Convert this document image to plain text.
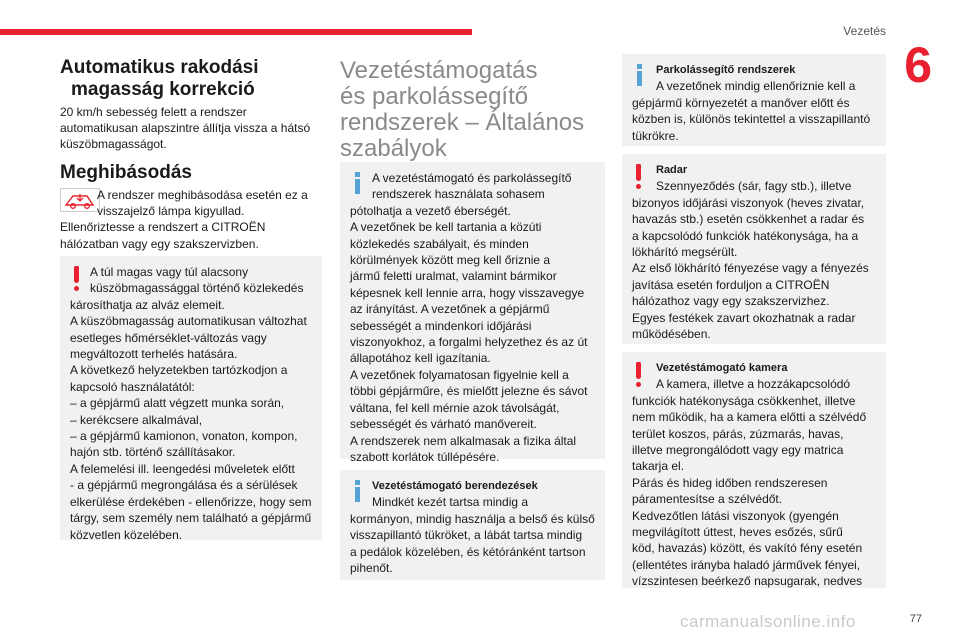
Vezetés
6

Automatikus rakodási
magasság korrekció

20 km/h sebesség felett a rendszer

automatikusan alapszintre állítja vissza a hátsó

küszöbmagasságot.

Meghibásodás

A rendszer meghibásodása esetén ez a

visszajelző lámpa kigyullad.

Ellenőriztesse a rendszert a CITROËN

hálózatban vagy egy szakszervizben.

A túl magas vagy túl alacsony

küszöbmagassággal történő közlekedés

károsíthatja az alváz elemeit.

A küszöbmagasság automatikusan változhat

esetleges hőmérséklet-változás vagy

megváltozott terhelés hatására.

A következő helyzetekben tartózkodjon a

kapcsoló használatától:

– a gépjármű alatt végzett munka során,

– kerékcsere alkalmával,

– a gépjármű kamionon, vonaton, kompon,

hajón stb. történő szállításakor.

A felemelési ill. leengedési műveletek előtt

- a gépjármű megrongálása és a sérülések

elkerülése érdekében - ellenőrizze, hogy sem

tárgy, sem személy nem található a gépjármű

közvetlen közelében.

Vezetéstámogatás

és parkolássegítő

rendszerek – Általános

szabályok

A vezetéstámogató és parkolássegítő

rendszerek használata sohasem

pótolhatja a vezető éberségét.

A vezetőnek be kell tartania a közúti

közlekedés szabályait, és minden

körülmények között meg kell őriznie a

jármű feletti uralmat, valamint bármikor

képesnek kell lennie arra, hogy visszavegye

az irányítást. A vezetőnek a gépjármű

sebességét a mindenkori időjárási

viszonyokhoz, a forgalmi helyzethez és az út

állapotához kell igazítania.

A vezetőnek folyamatosan figyelnie kell a

többi gépjárműre, és mielőtt jelezne és sávot

váltana, fel kell mérnie azok távolságát,

sebességét és várható manővereit.

A rendszerek nem alkalmasak a fizika által

szabott korlátok túllépésére.

Vezetéstámogató berendezések

Mindkét kezét tartsa mindig a

kormányon, mindig használja a belső és külső

visszapillantó tükröket, a lábát tartsa mindig

a pedálok közelében, és kétóránként tartson

pihenőt.

Parkolássegítő rendszerek

A vezetőnek mindig ellenőriznie kell a

gépjármű környezetét a manőver előtt és

közben is, különös tekintettel a visszapillantó

tükrökre.

Radar

Szennyeződés (sár, fagy stb.), illetve

bizonyos időjárási viszonyok (heves zivatar,

havazás stb.) esetén csökkenhet a radar és

a kapcsolódó funkciók hatékonysága, ha a

lökhárító megsérült.

Az első lökhárító fényezése vagy a fényezés

javítása esetén forduljon a CITROËN

hálózathoz vagy egy szakszervizhez.

Egyes festékek zavart okozhatnak a radar

működésében.

Vezetéstámogató kamera

A kamera, illetve a hozzákapcsolódó

funkciók hatékonysága csökkenhet, illetve

nem működik, ha a kamera előtti a szélvédő

terület koszos, párás, zúzmarás, havas,

illetve megrongálódott vagy egy matrica

takarja el.

Párás és hideg időben rendszeresen

páramentesítse a szélvédőt.

Kedvezőtlen látási viszonyok (gyengén

megvilágított úttest, heves esőzés, sűrű

köd, havazás) között, és vakító fény esetén

(ellentétes irányba haladó járművek fényei,

vízszintesen beérkező napsugarak, nedves

carmanualsonline.info	77
